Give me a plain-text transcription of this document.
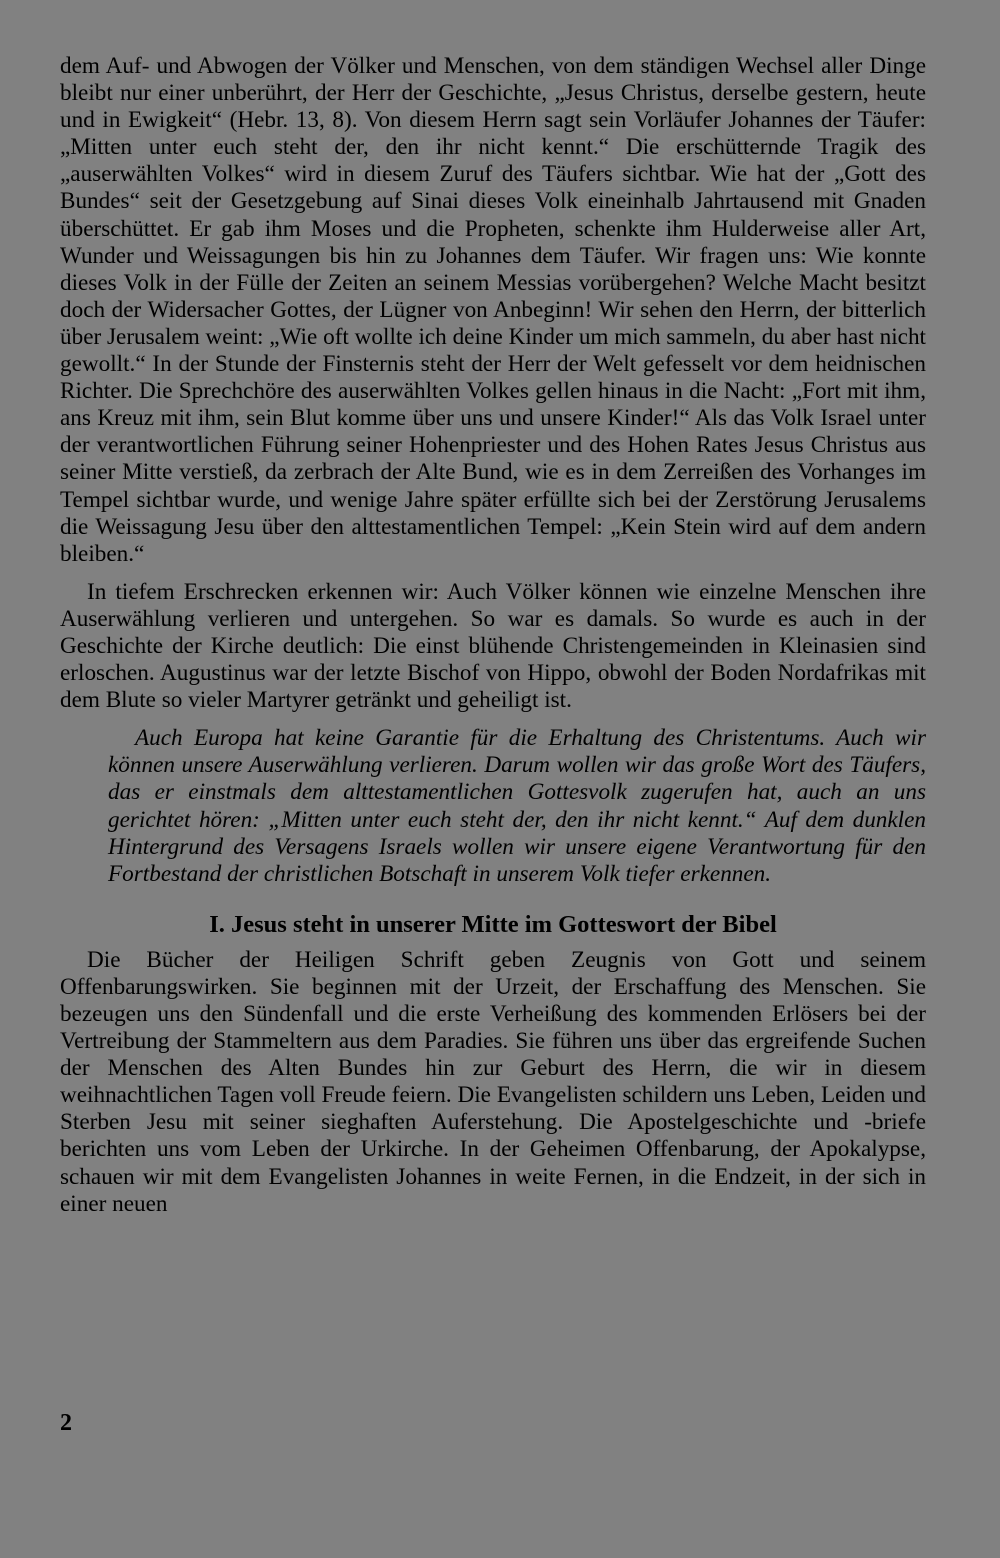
dem Auf- und Abwogen der Völker und Menschen, von dem ständigen Wechsel aller Dinge bleibt nur einer unberührt, der Herr der Geschichte, „Jesus Christus, derselbe gestern, heute und in Ewigkeit“ (Hebr. 13, 8). Von diesem Herrn sagt sein Vorläufer Johannes der Täufer: „Mitten unter euch steht der, den ihr nicht kennt.“ Die erschütternde Tragik des „auserwählten Volkes“ wird in diesem Zuruf des Täufers sichtbar. Wie hat der „Gott des Bundes“ seit der Gesetzgebung auf Sinai dieses Volk eineinhalb Jahrtausend mit Gnaden überschüttet. Er gab ihm Moses und die Propheten, schenkte ihm Hulderweise aller Art, Wunder und Weissagungen bis hin zu Johannes dem Täufer. Wir fragen uns: Wie konnte dieses Volk in der Fülle der Zeiten an seinem Messias vorübergehen? Welche Macht besitzt doch der Widersacher Gottes, der Lügner von Anbeginn! Wir sehen den Herrn, der bitterlich über Jerusalem weint: „Wie oft wollte ich deine Kinder um mich sammeln, du aber hast nicht gewollt.“ In der Stunde der Finsternis steht der Herr der Welt gefesselt vor dem heidnischen Richter. Die Sprechchöre des auserwählten Volkes gellen hinaus in die Nacht: „Fort mit ihm, ans Kreuz mit ihm, sein Blut komme über uns und unsere Kinder!“ Als das Volk Israel unter der verantwortlichen Führung seiner Hohenpriester und des Hohen Rates Jesus Christus aus seiner Mitte verstieß, da zerbrach der Alte Bund, wie es in dem Zerreißen des Vorhanges im Tempel sichtbar wurde, und wenige Jahre später erfüllte sich bei der Zerstörung Jerusalems die Weissagung Jesu über den alttestamentlichen Tempel: „Kein Stein wird auf dem andern bleiben.“

In tiefem Erschrecken erkennen wir: Auch Völker können wie einzelne Menschen ihre Auserwählung verlieren und untergehen. So war es damals. So wurde es auch in der Geschichte der Kirche deutlich: Die einst blühende Christengemeinden in Kleinasien sind erloschen. Augustinus war der letzte Bischof von Hippo, obwohl der Boden Nordafrikas mit dem Blute so vieler Martyrer getränkt und geheiligt ist.

Auch Europa hat keine Garantie für die Erhaltung des Christentums. Auch wir können unsere Auserwählung verlieren. Darum wollen wir das große Wort des Täufers, das er einstmals dem alttestamentlichen Gottesvolk zugerufen hat, auch an uns gerichtet hören: „Mitten unter euch steht der, den ihr nicht kennt.“ Auf dem dunklen Hintergrund des Versagens Israels wollen wir unsere eigene Verantwortung für den Fortbestand der christlichen Botschaft in unserem Volk tiefer erkennen.

I. Jesus steht in unserer Mitte im Gotteswort der Bibel

Die Bücher der Heiligen Schrift geben Zeugnis von Gott und seinem Offenbarungswirken. Sie beginnen mit der Urzeit, der Erschaffung des Menschen. Sie bezeugen uns den Sündenfall und die erste Verheißung des kommenden Erlösers bei der Vertreibung der Stammeltern aus dem Paradies. Sie führen uns über das ergreifende Suchen der Menschen des Alten Bundes hin zur Geburt des Herrn, die wir in diesem weihnachtlichen Tagen voll Freude feiern. Die Evangelisten schildern uns Leben, Leiden und Sterben Jesu mit seiner sieghaften Auferstehung. Die Apostelgeschichte und -briefe berichten uns vom Leben der Urkirche. In der Geheimen Offenbarung, der Apokalypse, schauen wir mit dem Evangelisten Johannes in weite Fernen, in die Endzeit, in der sich in einer neuen

2
